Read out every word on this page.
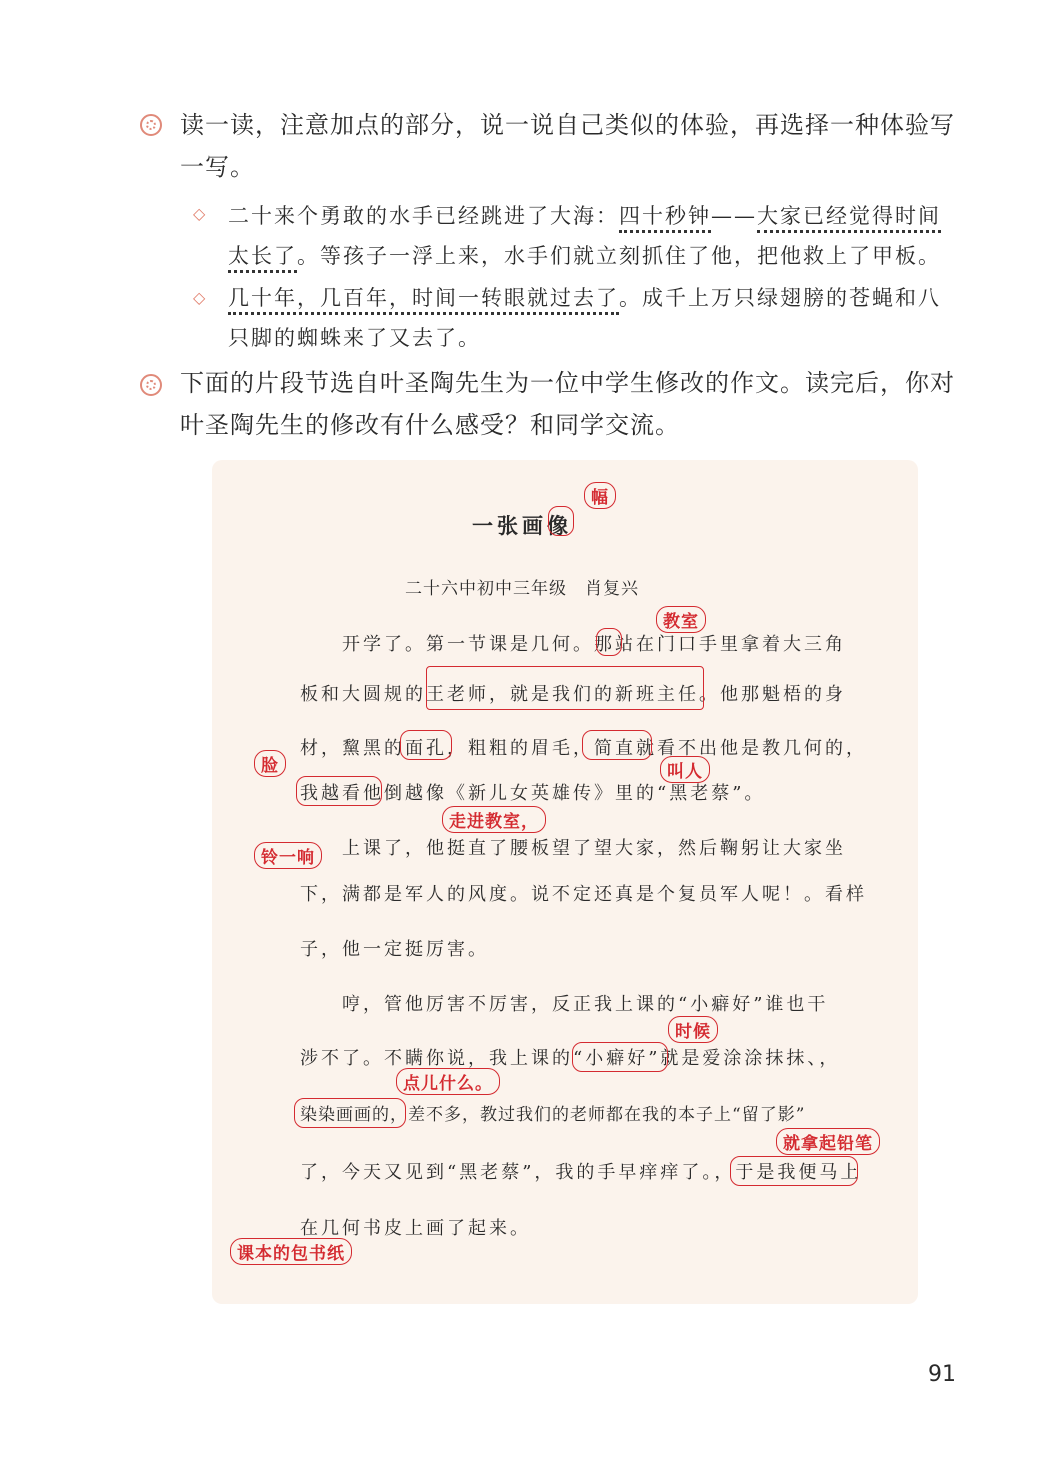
读一读，注意加点的部分，说一说自己类似的体验，再选择一种体验写一写。
◇ 二十来个勇敢的水手已经跳进了大海：四十秒钟——大家已经觉得时间太长了。等孩子一浮上来，水手们就立刻抓住了他，把他救上了甲板。
◇ 几十年，几百年，时间一转眼就过去了。成千上万只绿翅膀的苍蝇和八只脚的蜘蛛来了又去了。
下面的片段节选自叶圣陶先生为一位中学生修改的作文。读完后，你对叶圣陶先生的修改有什么感受？和同学交流。
一张画像
二十六中初中三年级　肖复兴
　　开学了。第一节课是几何。那站在门口手里拿着大三角
板和大圆规的王老师，就是我们的新班主任。他那魁梧的身
材，黧黑的面孔，粗粗的眉毛，简直就看不出他是教几何的，
我越看他倒越像《新儿女英雄传》里的“黑老蔡”。
　　上课了，他挺直了腰板望了望大家，然后鞠躬让大家坐
下，满都是军人的风度。说不定还真是个复员军人呢！。看样
子，他一定挺厉害。
　　哼，管他厉害不厉害，反正我上课的“小癖好”谁也干
涉不了。不瞒你说，我上课的“小癖好”就是爱涂涂抹抹、，
染染画画的，差不多，教过我们的老师都在我的本子上“留了影”
了，今天又见到“黑老蔡”，我的手早痒痒了。，于是我便马上
在几何书皮上画了起来。
幅
教室
脸	叫人
走进教室，
铃一响
时候
点儿什么。
就拿起铅笔
课本的包书纸
91
